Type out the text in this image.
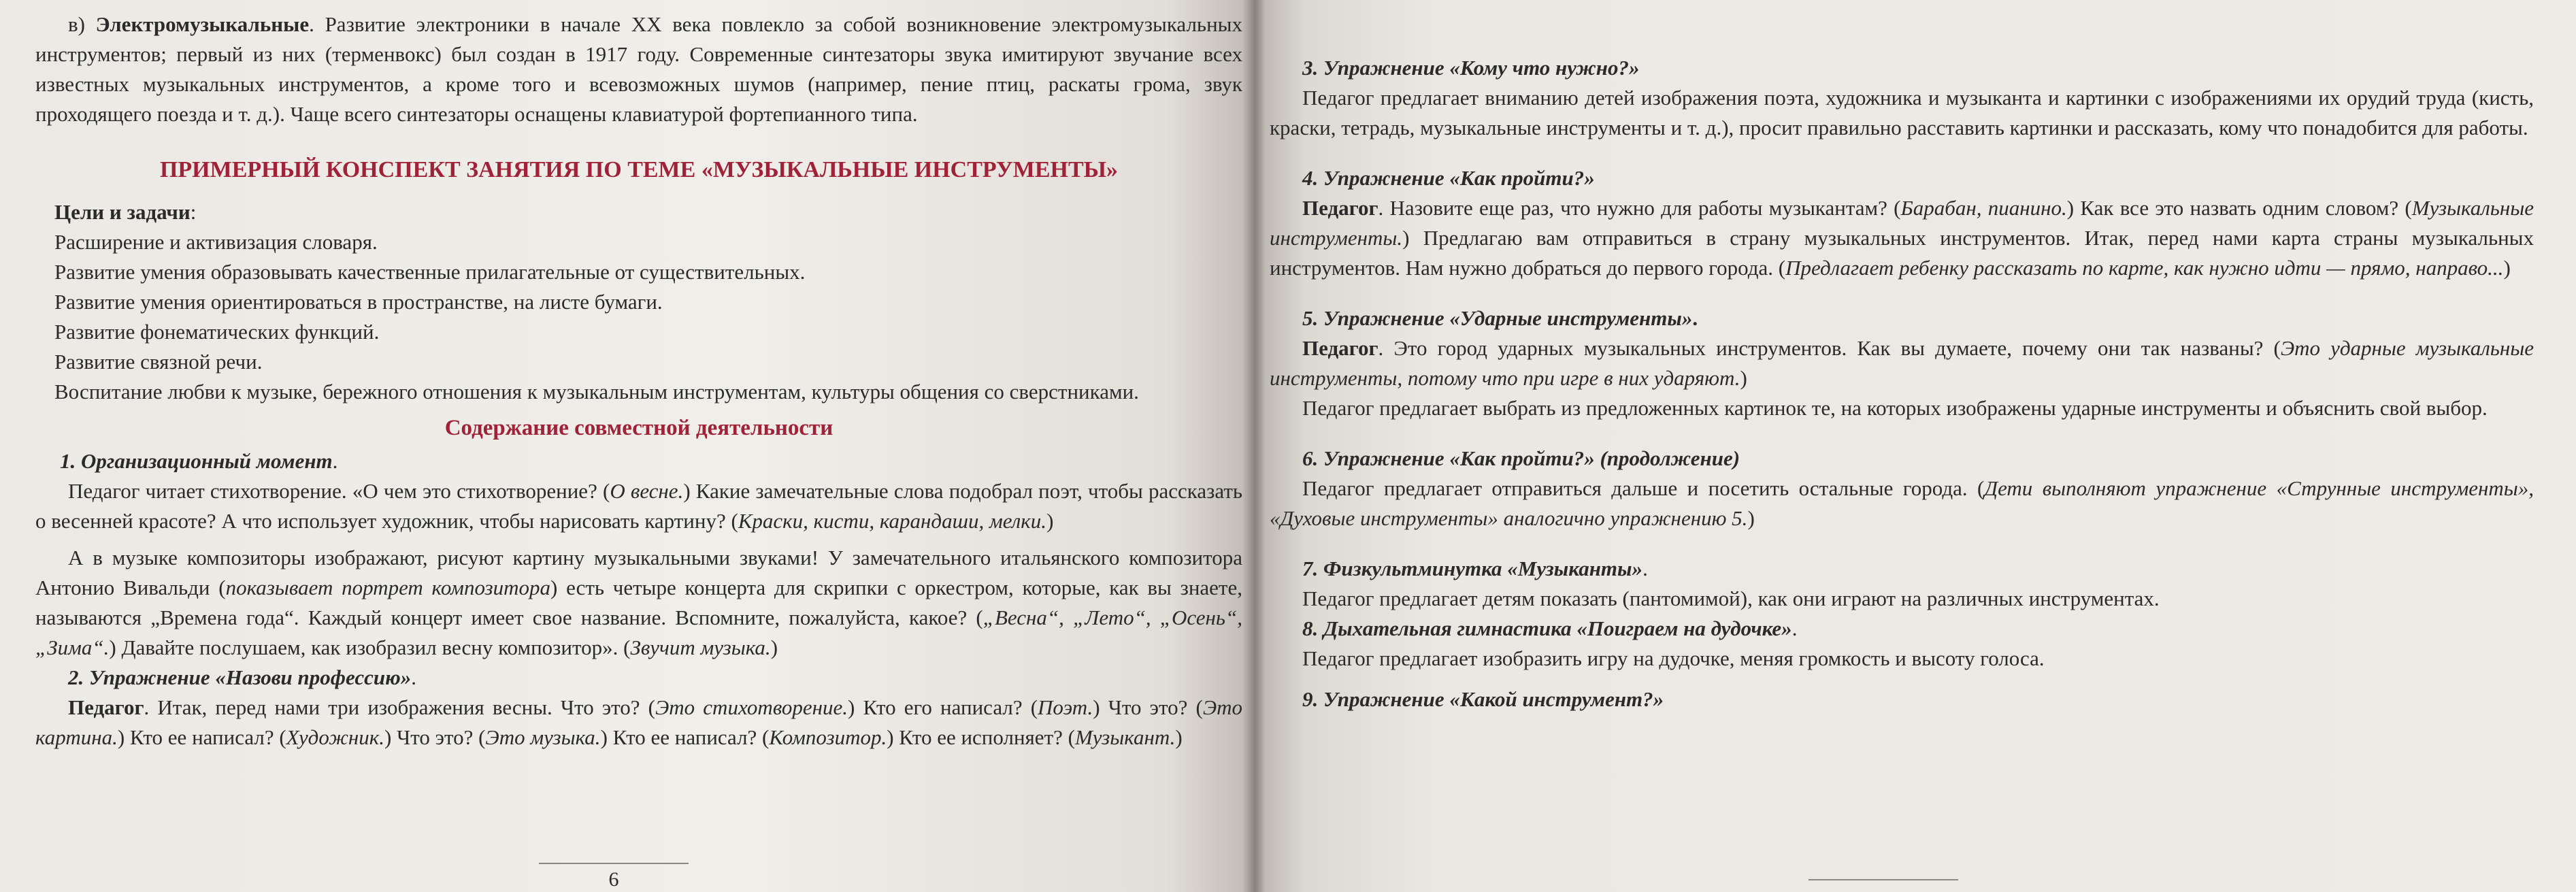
в) Электромузыкальные. Развитие электроники в начале XX века повлекло за собой возникновение электромузыкальных инструментов; первый из них (терменвокс) был создан в 1917 году. Современные синтезаторы звука имитируют звучание всех известных музыкальных инструментов, а кроме того и всевозможных шумов (например, пение птиц, раскаты грома, звук проходящего поезда и т. д.). Чаще всего синтезаторы оснащены клавиатурой фортепианного типа.

ПРИМЕРНЫЙ КОНСПЕКТ ЗАНЯТИЯ ПО ТЕМЕ «МУЗЫКАЛЬНЫЕ ИНСТРУМЕНТЫ»

Цели и задачи:

Расширение и активизация словаря.

Развитие умения образовывать качественные прилагательные от существительных.

Развитие умения ориентироваться в пространстве, на листе бумаги.

Развитие фонематических функций.

Развитие связной речи.

Воспитание любви к музыке, бережного отношения к музыкальным инструментам, культуры общения со сверстниками.

Содержание совместной деятельности

1. Организационный момент.

Педагог читает стихотворение. «О чем это стихотворение? (О весне.) Какие замечательные слова подобрал поэт, чтобы рассказать о весенней красоте? А что использует художник, чтобы нарисовать картину? (Краски, кисти, карандаши, мелки.)

А в музыке композиторы изображают, рисуют картину музыкальными звуками! У замечательного итальянского композитора Антонио Вивальди (показывает портрет композитора) есть четыре концерта для скрипки с оркестром, которые, как вы знаете, называются „Времена года“. Каждый концерт имеет свое название. Вспомните, пожалуйста, какое? („Весна“, „Лето“, „Осень“, „Зима“.) Давайте послушаем, как изобразил весну композитор». (Звучит музыка.)

2. Упражнение «Назови профессию».

Педагог. Итак, перед нами три изображения весны. Что это? (Это стихотворение.) Кто его написал? (Поэт.) Что это? (Это картина.) Кто ее написал? (Художник.) Что это? (Это музыка.) Кто ее написал? (Композитор.) Кто ее исполняет? (Музыкант.)

6

3. Упражнение «Кому что нужно?»

Педагог предлагает вниманию детей изображения поэта, художника и музыканта и картинки с изображениями их орудий труда (кисть, краски, тетрадь, музыкальные инструменты и т. д.), просит правильно расставить картинки и рассказать, кому что понадобится для работы.

4. Упражнение «Как пройти?»

Педагог. Назовите еще раз, что нужно для работы музыкантам? (Барабан, пианино.) Как все это назвать одним словом? (Музыкальные инструменты.) Предлагаю вам отправиться в страну музыкальных инструментов. Итак, перед нами карта страны музыкальных инструментов. Нам нужно добраться до первого города. (Предлагает ребенку рассказать по карте, как нужно идти — прямо, направо...)

5. Упражнение «Ударные инструменты».

Педагог. Это город ударных музыкальных инструментов. Как вы думаете, почему они так названы? (Это ударные музыкальные инструменты, потому что при игре в них ударяют.)

Педагог предлагает выбрать из предложенных картинок те, на которых изображены ударные инструменты и объяснить свой выбор.

6. Упражнение «Как пройти?» (продолжение)

Педагог предлагает отправиться дальше и посетить остальные города. (Дети выполняют упражнение «Струнные инструменты», «Духовые инструменты» аналогично упражнению 5.)

7. Физкультминутка «Музыканты».

Педагог предлагает детям показать (пантомимой), как они играют на различных инструментах.

8. Дыхательная гимнастика «Поиграем на дудочке».

Педагог предлагает изобразить игру на дудочке, меняя громкость и высоту голоса.

9. Упражнение «Какой инструмент?»
